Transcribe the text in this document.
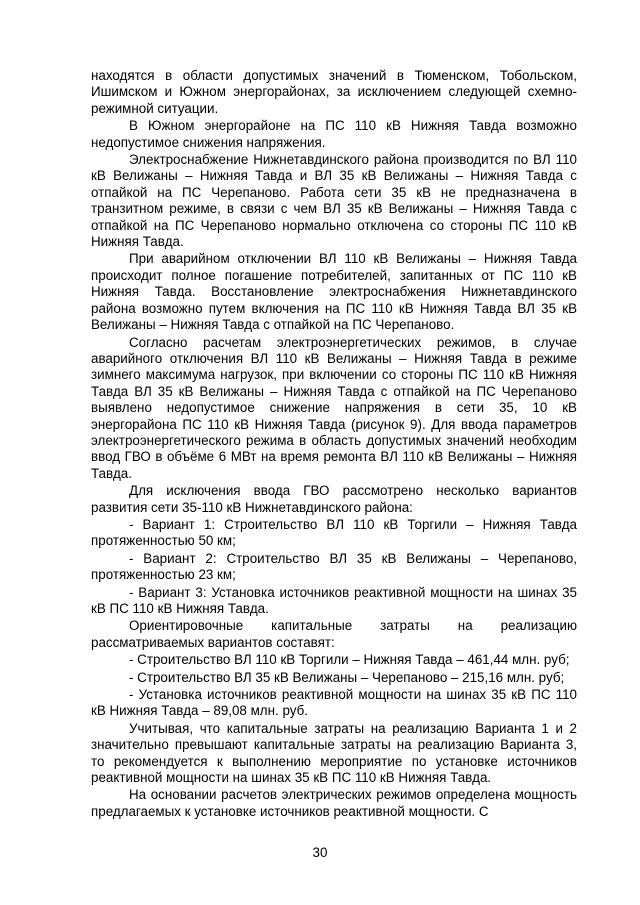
находятся в области допустимых значений в Тюменском, Тобольском, Ишимском и Южном энергорайонах, за исключением следующей схемно-режимной ситуации.

В Южном энергорайоне на ПС 110 кВ Нижняя Тавда возможно недопустимое снижения напряжения.

Электроснабжение Нижнетавдинского района производится по ВЛ 110 кВ Велижаны – Нижняя Тавда и ВЛ 35 кВ Велижаны – Нижняя Тавда с отпайкой на ПС Черепаново. Работа сети 35 кВ не предназначена в транзитном режиме, в связи с чем ВЛ 35 кВ Велижаны – Нижняя Тавда с отпайкой на ПС Черепаново нормально отключена со стороны ПС 110 кВ Нижняя Тавда.

При аварийном отключении ВЛ 110 кВ Велижаны – Нижняя Тавда происходит полное погашение потребителей, запитанных от ПС 110 кВ Нижняя Тавда. Восстановление электроснабжения Нижнетавдинского района возможно путем включения на ПС 110 кВ Нижняя Тавда ВЛ 35 кВ Велижаны – Нижняя Тавда с отпайкой на ПС Черепаново.

Согласно расчетам электроэнергетических режимов, в случае аварийного отключения ВЛ 110 кВ Велижаны – Нижняя Тавда в режиме зимнего максимума нагрузок, при включении со стороны ПС 110 кВ Нижняя Тавда ВЛ 35 кВ Велижаны – Нижняя Тавда с отпайкой на ПС Черепаново выявлено недопустимое снижение напряжения в сети 35, 10 кВ энергорайона ПС 110 кВ Нижняя Тавда (рисунок 9). Для ввода параметров электроэнергетического режима в область допустимых значений необходим ввод ГВО в объёме 6 МВт на время ремонта ВЛ 110 кВ Велижаны – Нижняя Тавда.

Для исключения ввода ГВО рассмотрено несколько вариантов развития сети 35-110 кВ Нижнетавдинского района:

- Вариант 1: Строительство ВЛ 110 кВ Торгили – Нижняя Тавда протяженностью 50 км;

- Вариант 2: Строительство ВЛ 35 кВ Велижаны – Черепаново, протяженностью 23 км;

- Вариант 3: Установка источников реактивной мощности на шинах 35 кВ ПС 110 кВ Нижняя Тавда.

Ориентировочные капитальные затраты на реализацию рассматриваемых вариантов составят:

- Строительство ВЛ 110 кВ Торгили – Нижняя Тавда – 461,44 млн. руб;

- Строительство ВЛ 35 кВ Велижаны – Черепаново – 215,16 млн. руб;

- Установка источников реактивной мощности на шинах 35 кВ ПС 110 кВ Нижняя Тавда – 89,08 млн. руб.

Учитывая, что капитальные затраты на реализацию Варианта 1 и 2 значительно превышают капитальные затраты на реализацию Варианта 3, то рекомендуется к выполнению мероприятие по установке источников реактивной мощности на шинах 35 кВ ПС 110 кВ Нижняя Тавда.

На основании расчетов электрических режимов определена мощность предлагаемых к установке источников реактивной мощности. С

30
